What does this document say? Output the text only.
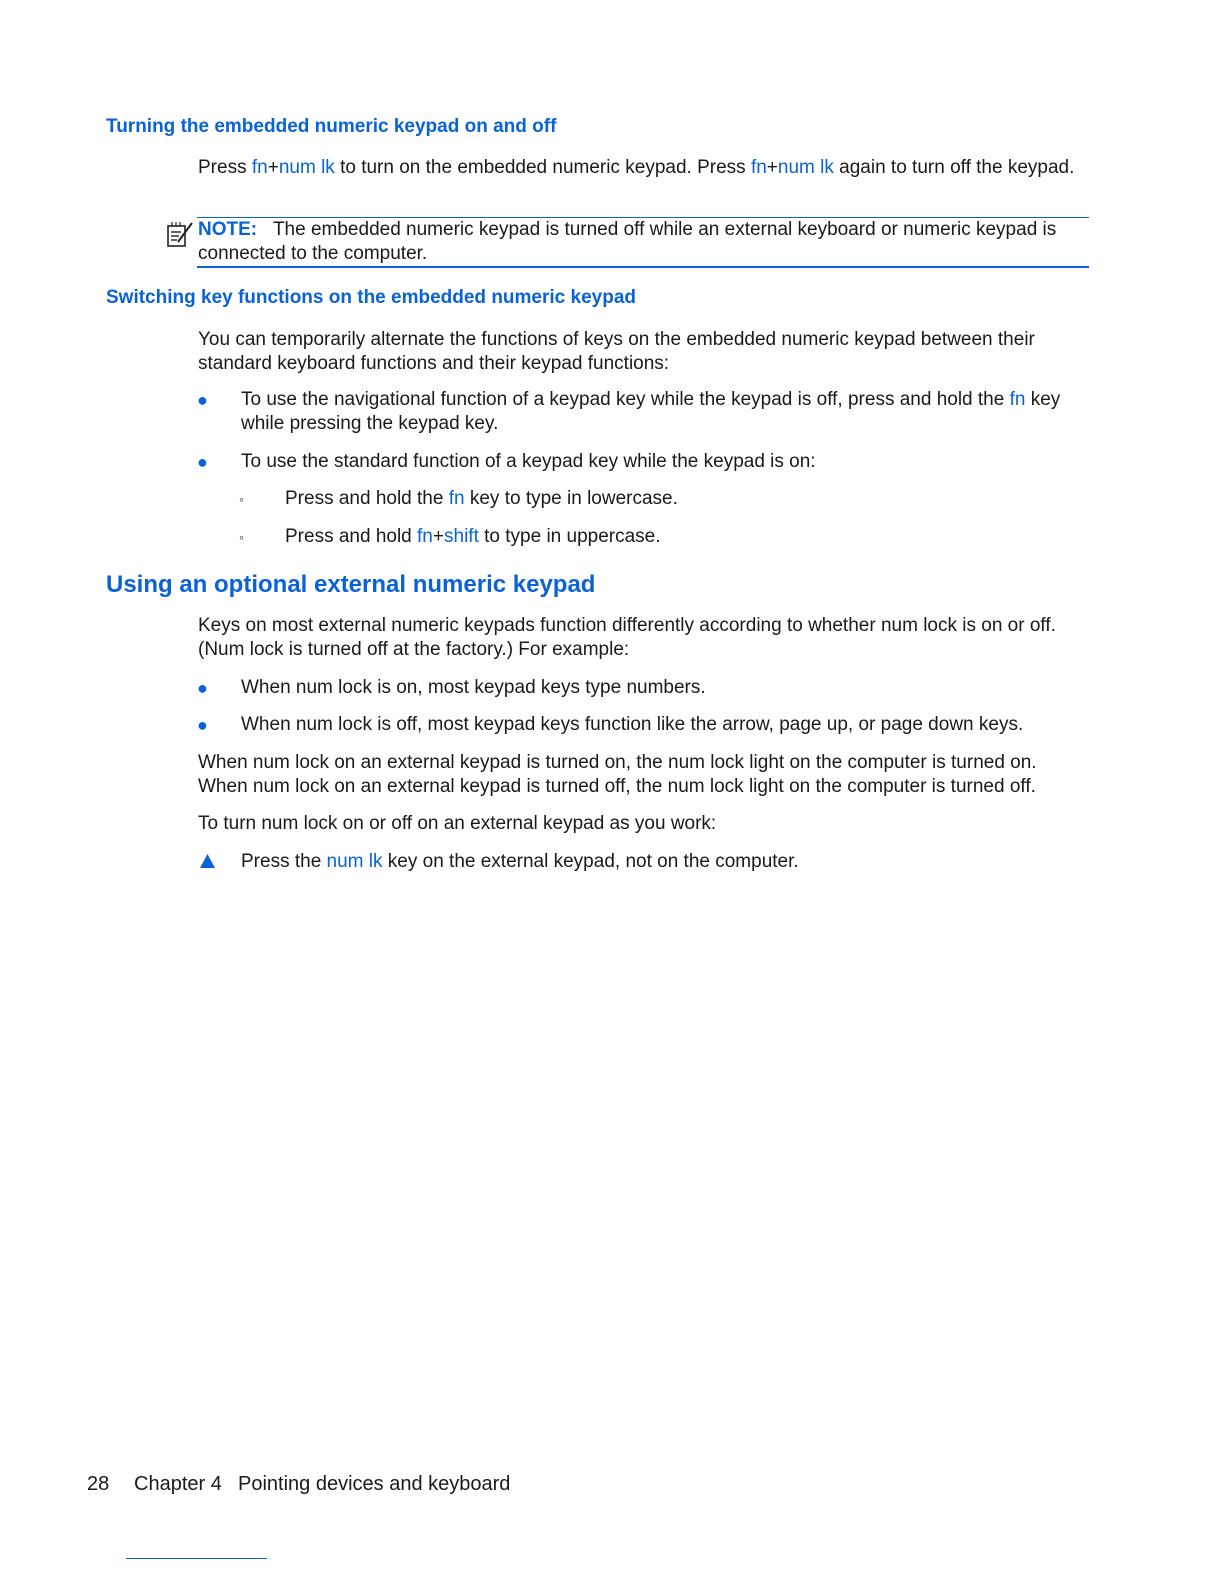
Turning the embedded numeric keypad on and off
Press fn+num lk to turn on the embedded numeric keypad. Press fn+num lk again to turn off the keypad.
NOTE: The embedded numeric keypad is turned off while an external keyboard or numeric keypad is connected to the computer.
Switching key functions on the embedded numeric keypad
You can temporarily alternate the functions of keys on the embedded numeric keypad between their standard keyboard functions and their keypad functions:
● To use the navigational function of a keypad key while the keypad is off, press and hold the fn key while pressing the keypad key.
● To use the standard function of a keypad key while the keypad is on:
◦ Press and hold the fn key to type in lowercase.
◦ Press and hold fn+shift to type in uppercase.
Using an optional external numeric keypad
Keys on most external numeric keypads function differently according to whether num lock is on or off. (Num lock is turned off at the factory.) For example:
● When num lock is on, most keypad keys type numbers.
● When num lock is off, most keypad keys function like the arrow, page up, or page down keys.
When num lock on an external keypad is turned on, the num lock light on the computer is turned on. When num lock on an external keypad is turned off, the num lock light on the computer is turned off.
To turn num lock on or off on an external keypad as you work:
Press the num lk key on the external keypad, not on the computer.
28 Chapter 4 Pointing devices and keyboard
